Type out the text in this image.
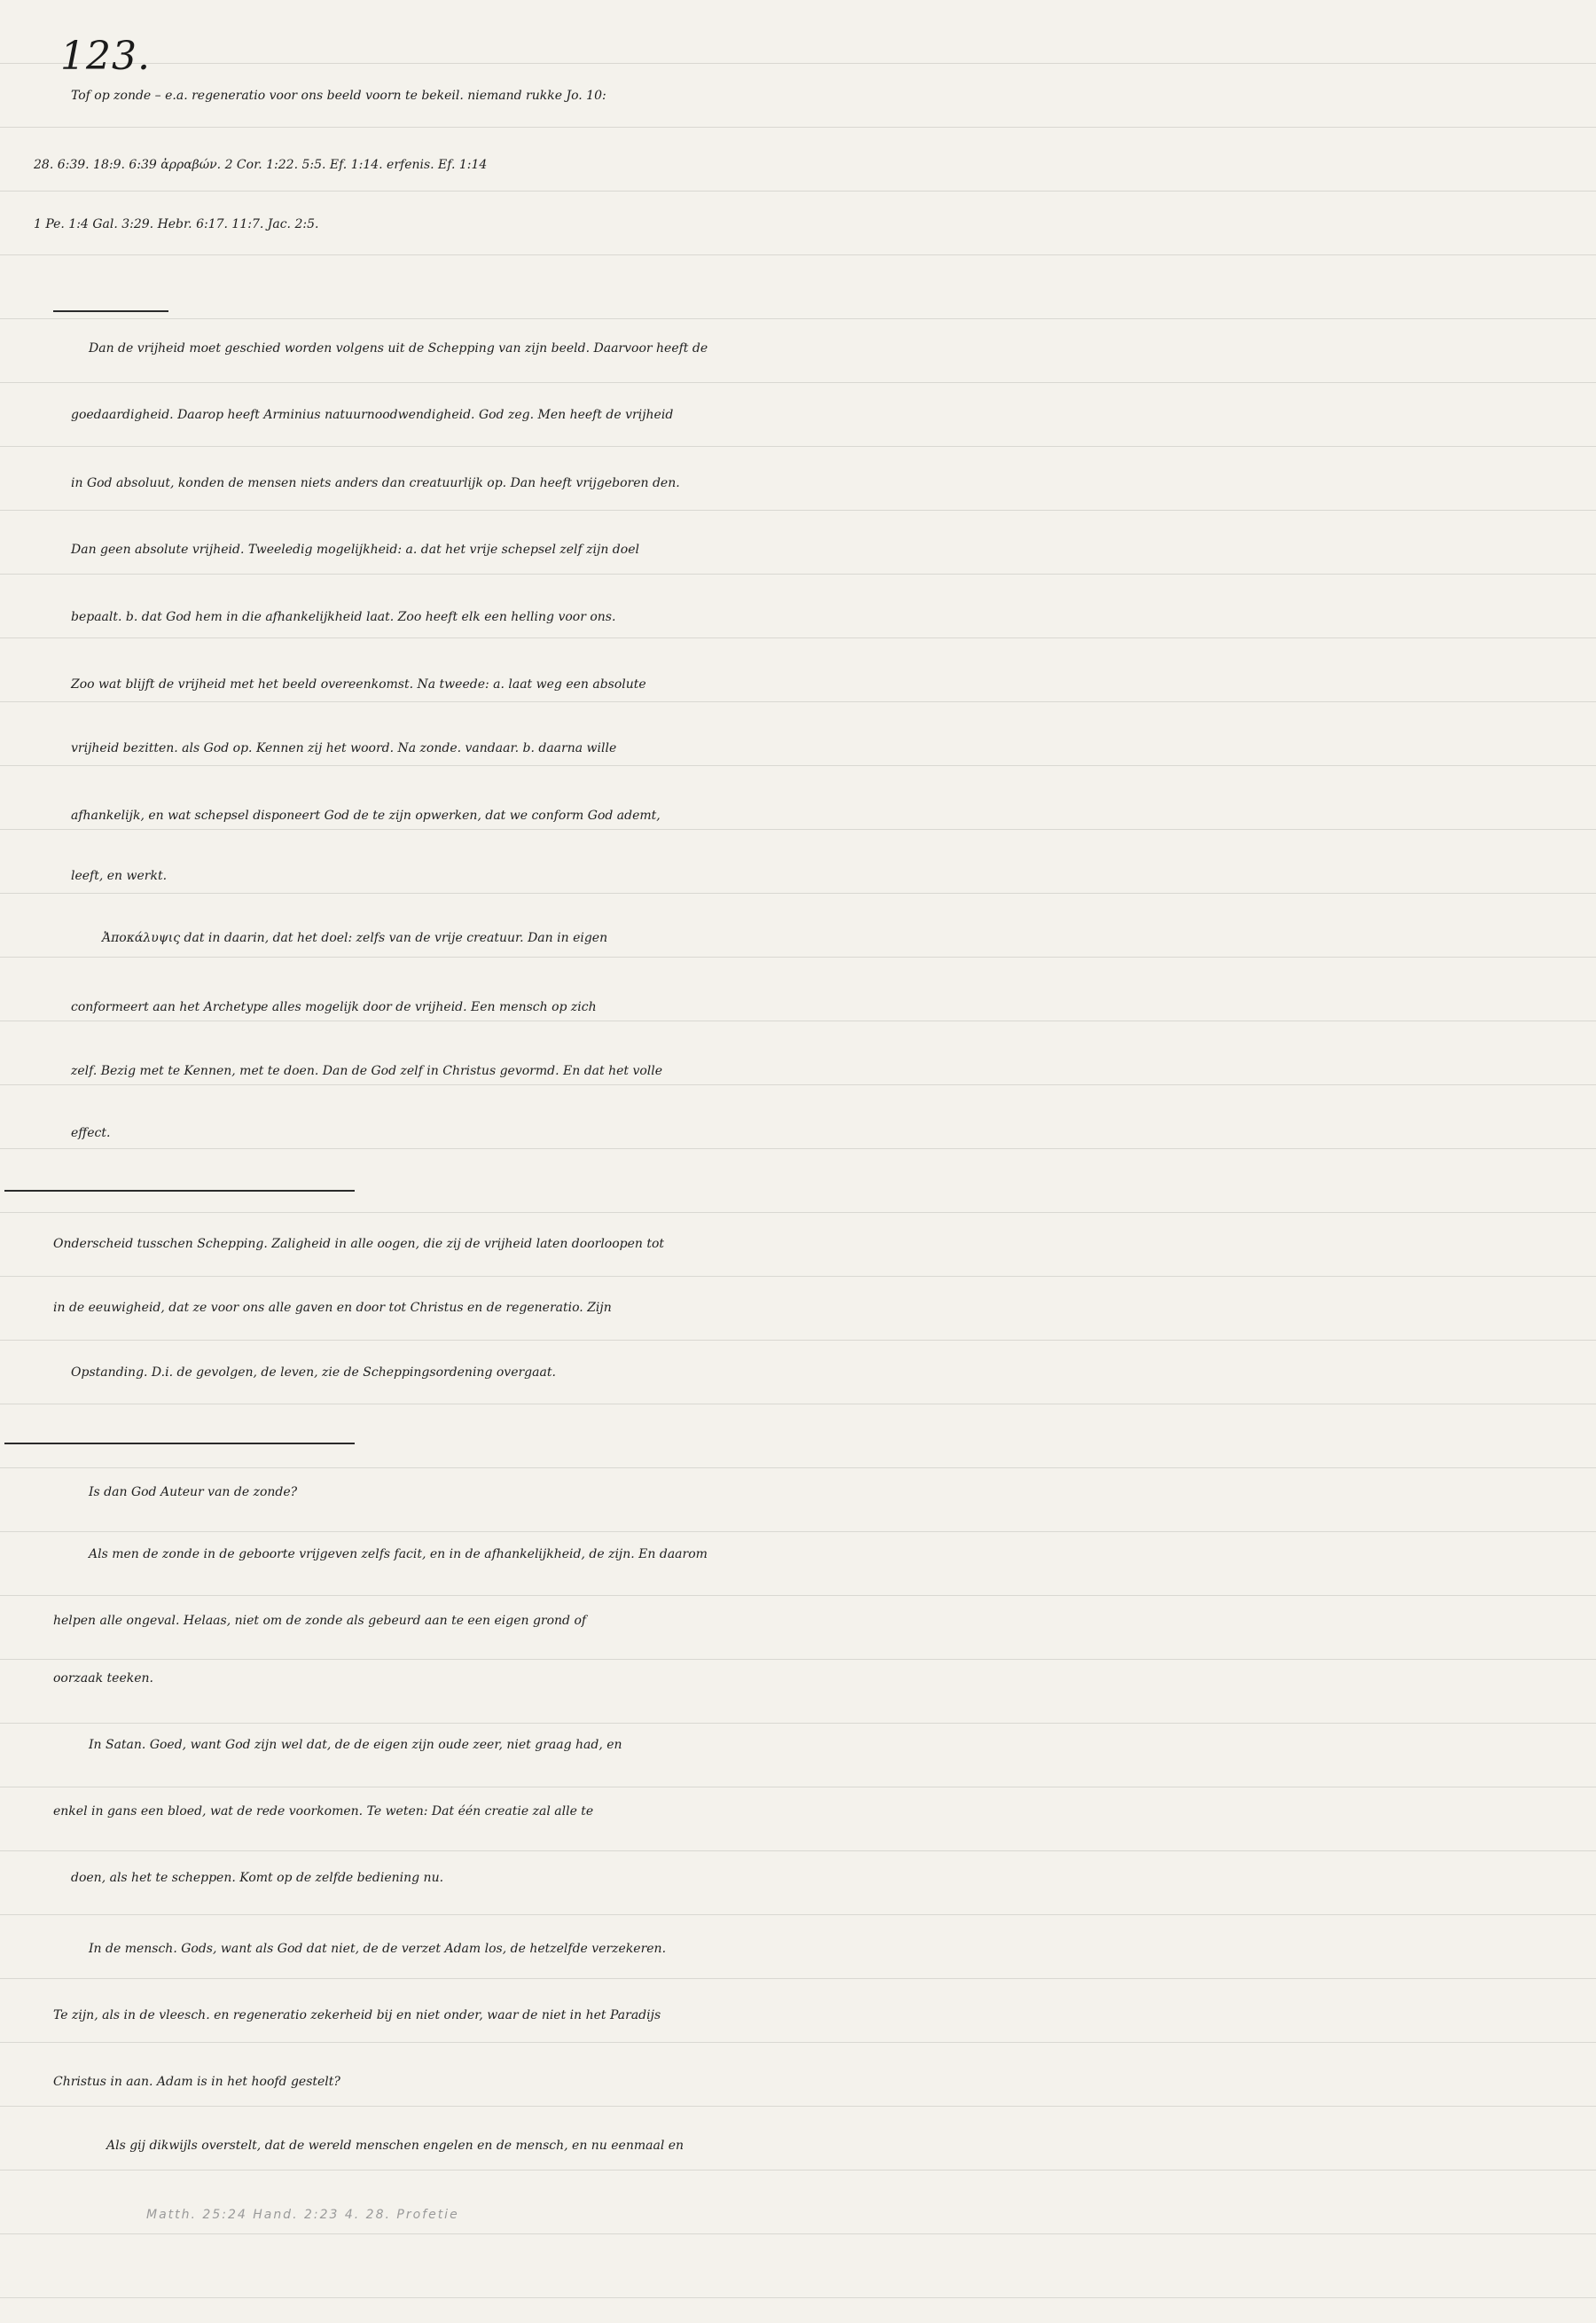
123.
Tof op zonde – e.a. regeneratio voor ons beeld voorn te bekeil. niemand rukke Jo. 10:
28. 6:39. 18:9. 6:39 ἀρραβών. 2 Cor. 1:22. 5:5. Ef. 1:14. erfenis. Ef. 1:14
1 Pe. 1:4 Gal. 3:29. Hebr. 6:17. 11:7. Jac. 2:5.
Dan de vrijheid moet geschied worden volgens uit de Schepping van zijn beeld. Daarvoor heeft de
goedaardigheid. Daarop heeft Arminius natuurnoodwendigheid. God zeg. Men heeft de vrijheid
in God absoluut, konden de mensen niets anders dan creatuurlijk op. Dan heeft vrijgeboren den.
Dan geen absolute vrijheid. Tweeledig mogelijkheid: a. dat het vrije schepsel zelf zijn doel
bepaalt. b. dat God hem in die afhankelijkheid laat. Zoo heeft elk een helling voor ons.
Zoo wat blijft de vrijheid met het beeld overeenkomst. Na tweede: a. laat weg een absolute
vrijheid bezitten. als God op. Kennen zij het woord. Na zonde. vandaar. b. daarna wille
afhankelijk, en wat schepsel disponeert God de te zijn opwerken, dat we conform God ademt,
leeft, en werkt.
Ἀποκάλυψις dat in daarin, dat het doel: zelfs van de vrije creatuur. Dan in eigen
conformeert aan het Archetype alles mogelijk door de vrijheid. Een mensch op zich
zelf. Bezig met te Kennen, met te doen. Dan de God zelf in Christus gevormd. En dat het volle
effect.
Onderscheid tusschen Schepping. Zaligheid in alle oogen, die zij de vrijheid laten doorloopen tot
in de eeuwigheid, dat ze voor ons alle gaven en door tot Christus en de regeneratio. Zijn
Opstanding. D.i. de gevolgen, de leven, zie de Scheppingsordening overgaat.
Is dan God Auteur van de zonde?
Als men de zonde in de geboorte vrijgeven zelfs facit, en in de afhankelijkheid, de zijn. En daarom
helpen alle ongeval. Helaas, niet om de zonde als gebeurd aan te een eigen grond of
oorzaak teeken.
In Satan. Goed, want God zijn wel dat, de de eigen zijn oude zeer, niet graag had, en
enkel in gans een bloed, wat de rede voorkomen. Te weten: Dat één creatie zal alle te
doen, als het te scheppen. Komt op de zelfde bediening nu.
In de mensch. Gods, want als God dat niet, de de verzet Adam los, de hetzelfde verzekeren.
Te zijn, als in de vleesch. en regeneratio zekerheid bij en niet onder, waar de niet in het Paradijs
Christus in aan. Adam is in het hoofd gestelt?
Als gij dikwijls overstelt, dat de wereld menschen engelen en de mensch, en nu eenmaal en
Matth. 25:24 Hand. 2:23 4. 28. Profetie
